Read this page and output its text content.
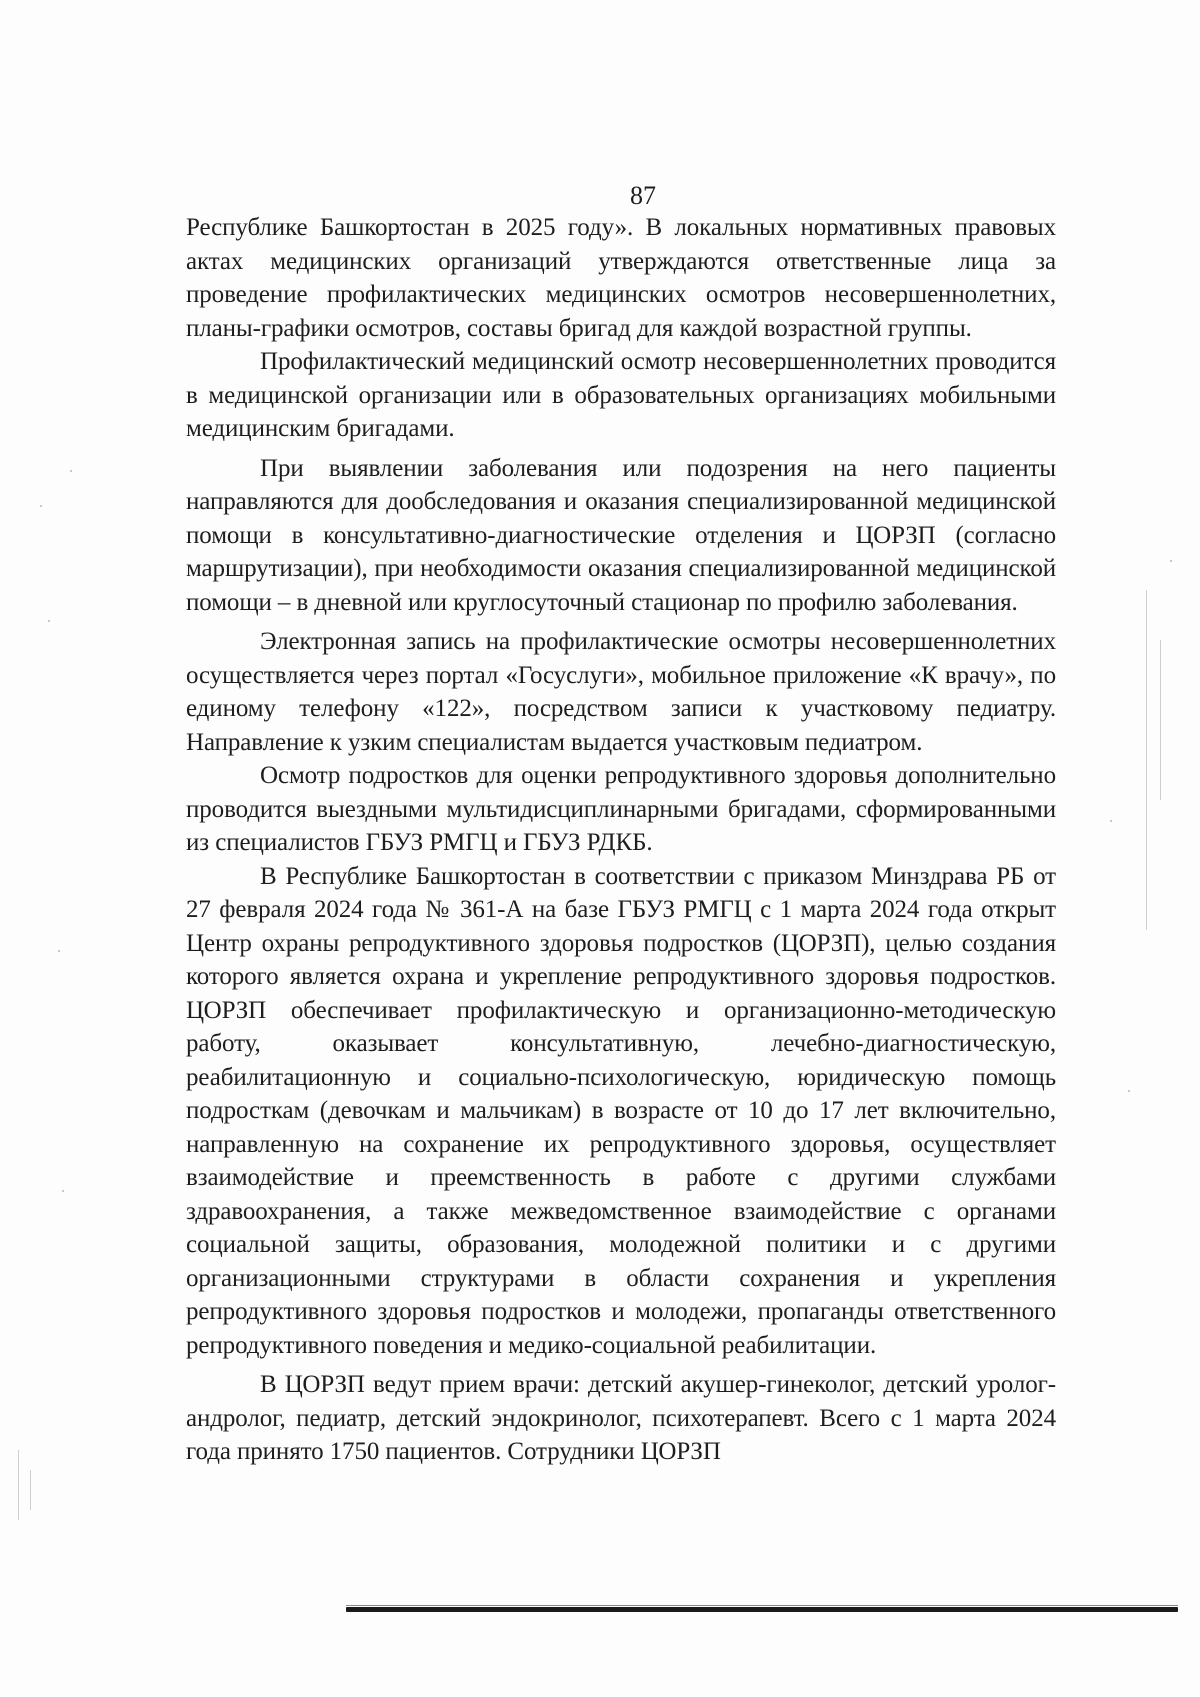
87

Республике Башкортостан в 2025 году». В локальных нормативных правовых актах медицинских организаций утверждаются ответственные лица за проведение профилактических медицинских осмотров несовершеннолетних, планы-графики осмотров, составы бригад для каждой возрастной группы.

Профилактический медицинский осмотр несовершеннолетних проводится в медицинской организации или в образовательных организациях мобильными медицинским бригадами.

При выявлении заболевания или подозрения на него пациенты направляются для дообследования и оказания специализированной медицинской помощи в консультативно-диагностические отделения и ЦОРЗП (согласно маршрутизации), при необходимости оказания специализированной медицинской помощи – в дневной или круглосуточный стационар по профилю заболевания.

Электронная запись на профилактические осмотры несовершеннолетних осуществляется через портал «Госуслуги», мобильное приложение «К врачу», по единому телефону «122», посредством записи к участковому педиатру. Направление к узким специалистам выдается участковым педиатром.

Осмотр подростков для оценки репродуктивного здоровья дополнительно проводится выездными мультидисциплинарными бригадами, сформированными из специалистов ГБУЗ РМГЦ и ГБУЗ РДКБ.

В Республике Башкортостан в соответствии с приказом Минздрава РБ от 27 февраля 2024 года № 361-А на базе ГБУЗ РМГЦ с 1 марта 2024 года открыт Центр охраны репродуктивного здоровья подростков (ЦОРЗП), целью создания которого является охрана и укрепление репродуктивного здоровья подростков. ЦОРЗП обеспечивает профилактическую и организационно-методическую работу, оказывает консультативную, лечебно-диагностическую, реабилитационную и социально-психологическую, юридическую помощь подросткам (девочкам и мальчикам) в возрасте от 10 до 17 лет включительно, направленную на сохранение их репродуктивного здоровья, осуществляет взаимодействие и преемственность в работе с другими службами здравоохранения, а также межведомственное взаимодействие с органами социальной защиты, образования, молодежной политики и с другими организационными структурами в области сохранения и укрепления репродуктивного здоровья подростков и молодежи, пропаганды ответственного репродуктивного поведения и медико-социальной реабилитации.

В ЦОРЗП ведут прием врачи: детский акушер-гинеколог, детский уролог-андролог, педиатр, детский эндокринолог, психотерапевт. Всего с 1 марта 2024 года принято 1750 пациентов. Сотрудники ЦОРЗП
